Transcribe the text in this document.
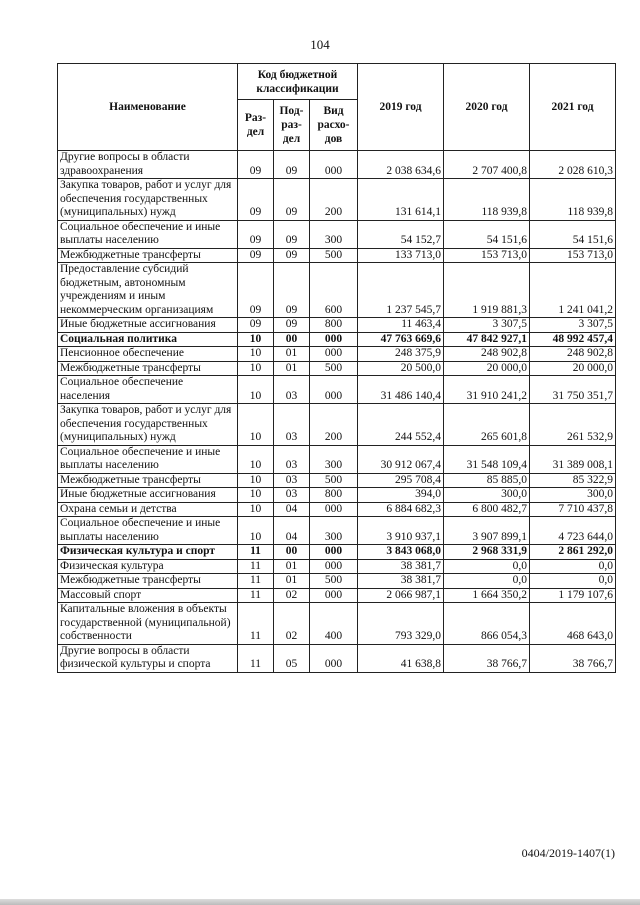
104
Наименование	Код бюджетной классификации			2019 год	2020 год	2021 год
	Раз-дел	Под-раз-дел	Вид расхо-дов			
Другие вопросы в области здравоохранения	09	09	000	2 038 634,6	2 707 400,8	2 028 610,3
Закупка товаров, работ и услуг для обеспечения государственных (муниципальных) нужд	09	09	200	131 614,1	118 939,8	118 939,8
Социальное обеспечение и иные выплаты населению	09	09	300	54 152,7	54 151,6	54 151,6
Межбюджетные трансферты	09	09	500	133 713,0	153 713,0	153 713,0
Предоставление субсидий бюджетным, автономным учреждениям и иным некоммерческим организациям	09	09	600	1 237 545,7	1 919 881,3	1 241 041,2
Иные бюджетные ассигнования	09	09	800	11 463,4	3 307,5	3 307,5
Социальная политика	10	00	000	47 763 669,6	47 842 927,1	48 992 457,4
Пенсионное обеспечение	10	01	000	248 375,9	248 902,8	248 902,8
Межбюджетные трансферты	10	01	500	20 500,0	20 000,0	20 000,0
Социальное обеспечение населения	10	03	000	31 486 140,4	31 910 241,2	31 750 351,7
Закупка товаров, работ и услуг для обеспечения государственных (муниципальных) нужд	10	03	200	244 552,4	265 601,8	261 532,9
Социальное обеспечение и иные выплаты населению	10	03	300	30 912 067,4	31 548 109,4	31 389 008,1
Межбюджетные трансферты	10	03	500	295 708,4	85 885,0	85 322,9
Иные бюджетные ассигнования	10	03	800	394,0	300,0	300,0
Охрана семьи и детства	10	04	000	6 884 682,3	6 800 482,7	7 710 437,8
Социальное обеспечение и иные выплаты населению	10	04	300	3 910 937,1	3 907 899,1	4 723 644,0
Физическая культура и спорт	11	00	000	3 843 068,0	2 968 331,9	2 861 292,0
Физическая культура	11	01	000	38 381,7	0,0	0,0
Межбюджетные трансферты	11	01	500	38 381,7	0,0	0,0
Массовый спорт	11	02	000	2 066 987,1	1 664 350,2	1 179 107,6
Капитальные вложения в объекты государственной (муниципальной) собственности	11	02	400	793 329,0	866 054,3	468 643,0
Другие вопросы в области физической культуры и спорта	11	05	000	41 638,8	38 766,7	38 766,7
0404/2019-1407(1)
